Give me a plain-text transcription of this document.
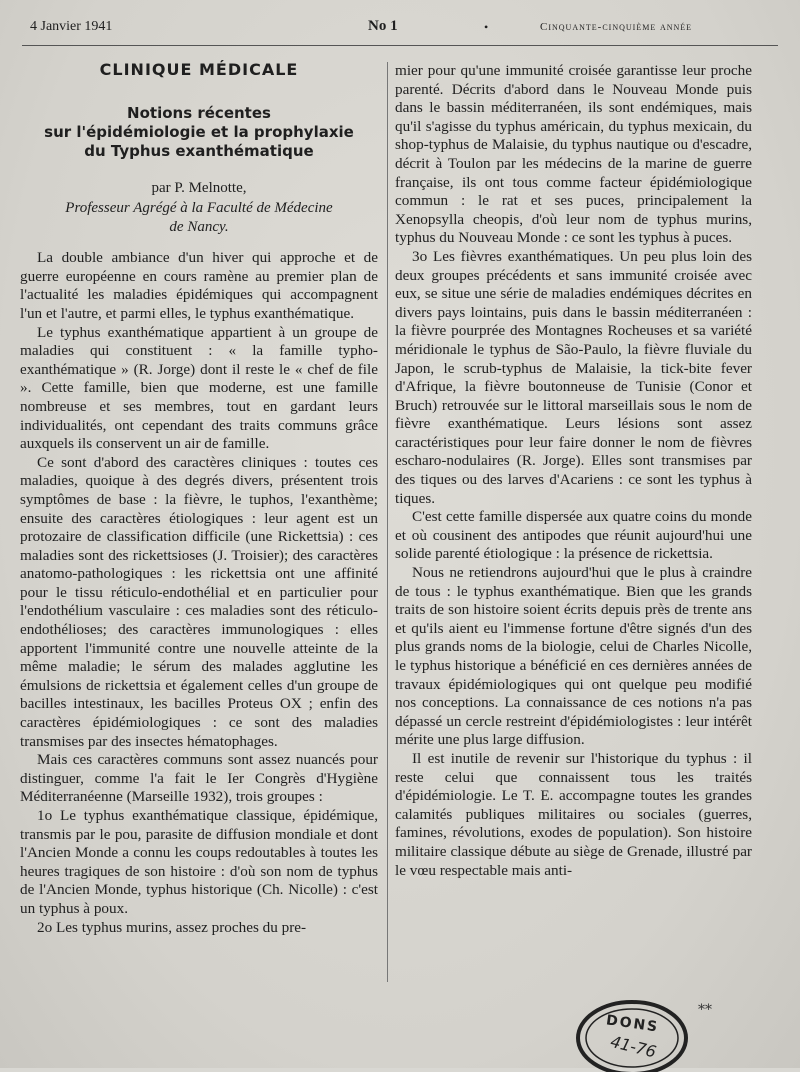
4 Janvier 1941	No 1	•	Cinquante-cinquième année
CLINIQUE MÉDICALE
Notions récentes
sur l'épidémiologie et la prophylaxie
du Typhus exanthématique
par P. Melnotte,
Professeur Agrégé à la Faculté de Médecine
de Nancy.

La double ambiance d'un hiver qui approche et de guerre européenne en cours ramène au premier plan de l'actualité les maladies épidémiques qui accompagnent l'un et l'autre, et parmi elles, le typhus exanthématique.

Le typhus exanthématique appartient à un groupe de maladies qui constituent : « la famille typho-exanthématique » (R. Jorge) dont il reste le « chef de file ». Cette famille, bien que moderne, est une famille nombreuse et ses membres, tout en gardant leurs individualités, ont cependant des traits communs grâce auxquels ils conservent un air de famille.

Ce sont d'abord des caractères cliniques : toutes ces maladies, quoique à des degrés divers, présentent trois symptômes de base : la fièvre, le tuphos, l'exanthème; ensuite des caractères étiologiques : leur agent est un protozaire de classification difficile (une Rickettsia) : ces maladies sont des rickettsioses (J. Troisier); des caractères anatomo-pathologiques : les rickettsia ont une affinité pour le tissu réticulo-endothélial et en particulier pour l'endothélium vasculaire : ces maladies sont des réticulo-endothélioses; des caractères immunologiques : elles apportent l'immunité contre une nouvelle atteinte de la même maladie; le sérum des malades agglutine les émulsions de rickettsia et également celles d'un groupe de bacilles intestinaux, les bacilles Proteus OX ; enfin des caractères épidémiologiques : ce sont des maladies transmises par des insectes hématophages.

Mais ces caractères communs sont assez nuancés pour distinguer, comme l'a fait le Ier Congrès d'Hygiène Méditerranéenne (Marseille 1932), trois groupes :

1o Le typhus exanthématique classique, épidémique, transmis par le pou, parasite de diffusion mondiale et dont l'Ancien Monde a connu les coups redoutables à toutes les heures tragiques de son histoire : d'où son nom de typhus de l'Ancien Monde, typhus historique (Ch. Nicolle) : c'est un typhus à poux.

2o Les typhus murins, assez proches du pre-

mier pour qu'une immunité croisée garantisse leur proche parenté. Décrits d'abord dans le Nouveau Monde puis dans le bassin méditerranéen, ils sont endémiques, mais qu'il s'agisse du typhus américain, du typhus mexicain, du shop-typhus de Malaisie, du typhus nautique ou d'escadre, décrit à Toulon par les médecins de la marine de guerre française, ils ont tous comme facteur épidémiologique commun : le rat et ses puces, principalement la Xenopsylla cheopis, d'où leur nom de typhus murins, typhus du Nouveau Monde : ce sont les typhus à puces.

3o Les fièvres exanthématiques. Un peu plus loin des deux groupes précédents et sans immunité croisée avec eux, se situe une série de maladies endémiques décrites en divers pays lointains, puis dans le bassin méditerranéen : la fièvre pourprée des Montagnes Rocheuses et sa variété méridionale le typhus de São-Paulo, la fièvre fluviale du Japon, le scrub-typhus de Malaisie, la tick-bite fever d'Afrique, la fièvre boutonneuse de Tunisie (Conor et Bruch) retrouvée sur le littoral marseillais sous le nom de fièvre exanthématique. Leurs lésions sont assez caractéristiques pour leur faire donner le nom de fièvres escharo-nodulaires (R. Jorge). Elles sont transmises par des tiques ou des larves d'Acariens : ce sont les typhus à tiques.

C'est cette famille dispersée aux quatre coins du monde et où cousinent des antipodes que réunit aujourd'hui une solide parenté étiologique : la présence de rickettsia.

Nous ne retiendrons aujourd'hui que le plus à craindre de tous : le typhus exanthématique. Bien que les grands traits de son histoire soient écrits depuis près de trente ans et qu'ils aient eu l'immense fortune d'être signés d'un des plus grands noms de la biologie, celui de Charles Nicolle, le typhus historique a bénéficié en ces dernières années de travaux épidémiologiques qui ont quelque peu modifié nos conceptions. La connaissance de ces notions n'a pas dépassé un cercle restreint d'épidémiologistes : leur intérêt mérite une plus large diffusion.

Il est inutile de revenir sur l'historique du typhus : il reste celui que connaissent tous les traités d'épidémiologie. Le T. E. accompagne toutes les grandes calamités publiques militaires ou sociales (guerres, famines, révolutions, exodes de population). Son histoire militaire classique débute au siège de Grenade, illustré par le vœu respectable mais anti-

DONS
41-76
**
